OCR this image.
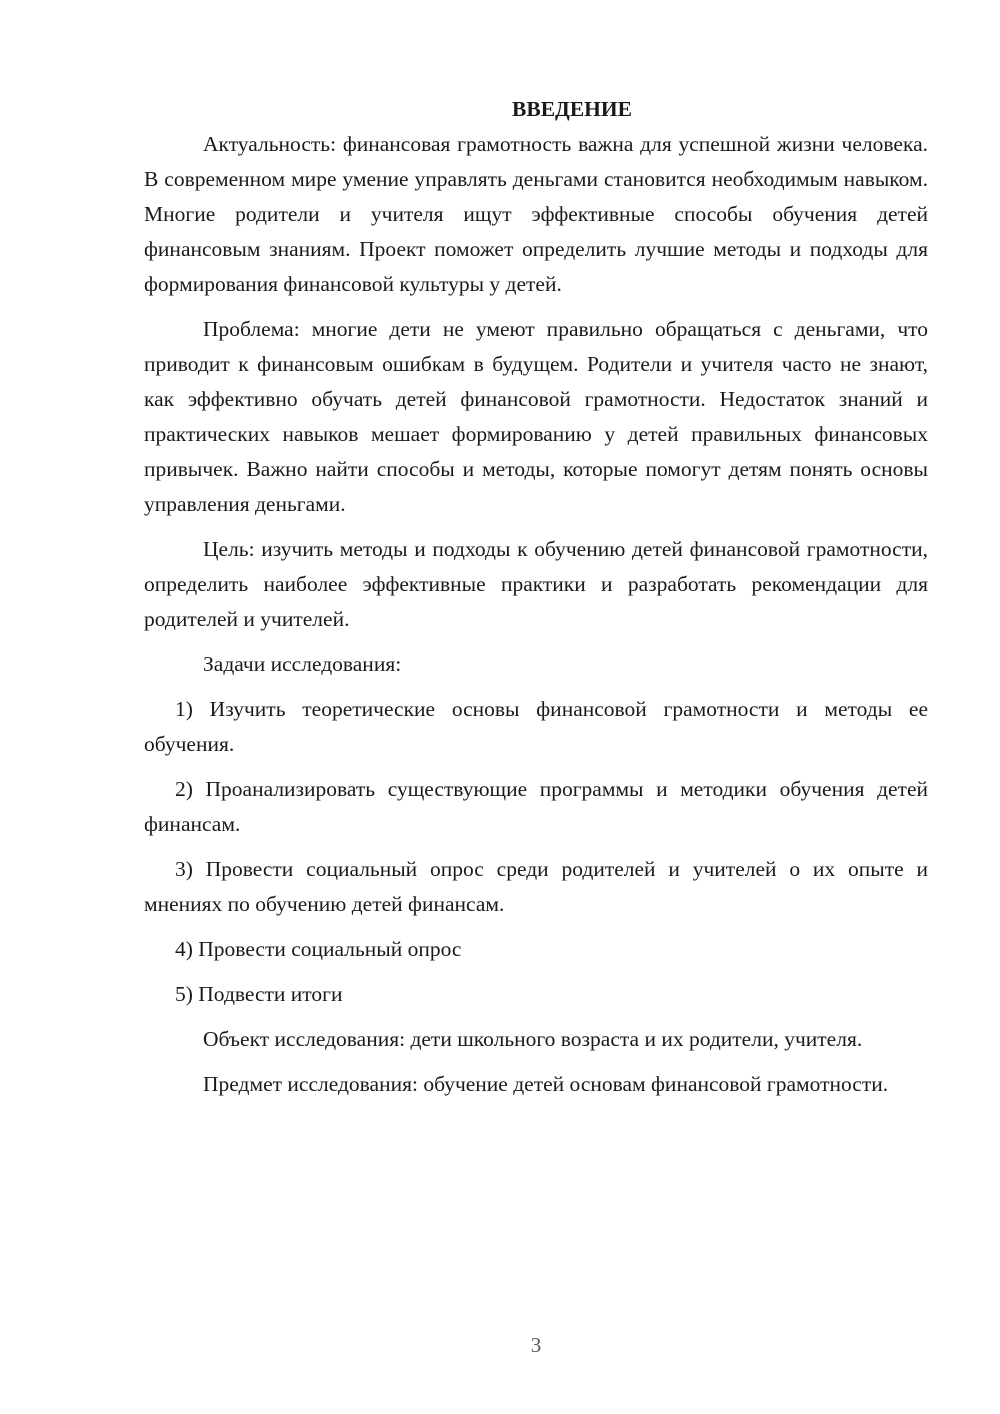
ВВЕДЕНИЕ

Актуальность: финансовая грамотность важна для успешной жизни человека. В современном мире умение управлять деньгами становится необходимым навыком. Многие родители и учителя ищут эффективные способы обучения детей финансовым знаниям. Проект поможет определить лучшие методы и подходы для формирования финансовой культуры у детей.

Проблема: многие дети не умеют правильно обращаться с деньгами, что приводит к финансовым ошибкам в будущем. Родители и учителя часто не знают, как эффективно обучать детей финансовой грамотности. Недостаток знаний и практических навыков мешает формированию у детей правильных финансовых привычек. Важно найти способы и методы, которые помогут детям понять основы управления деньгами.

Цель: изучить методы и подходы к обучению детей финансовой грамотности, определить наиболее эффективные практики и разработать рекомендации для родителей и учителей.

Задачи исследования:

1) Изучить теоретические основы финансовой грамотности и методы ее обучения.

2) Проанализировать существующие программы и методики обучения детей финансам.

3) Провести социальный опрос среди родителей и учителей о их опыте и мнениях по обучению детей финансам.

4) Провести социальный опрос

5) Подвести итоги

Объект исследования: дети школьного возраста и их родители, учителя.

Предмет исследования: обучение детей основам финансовой грамотности.

3
